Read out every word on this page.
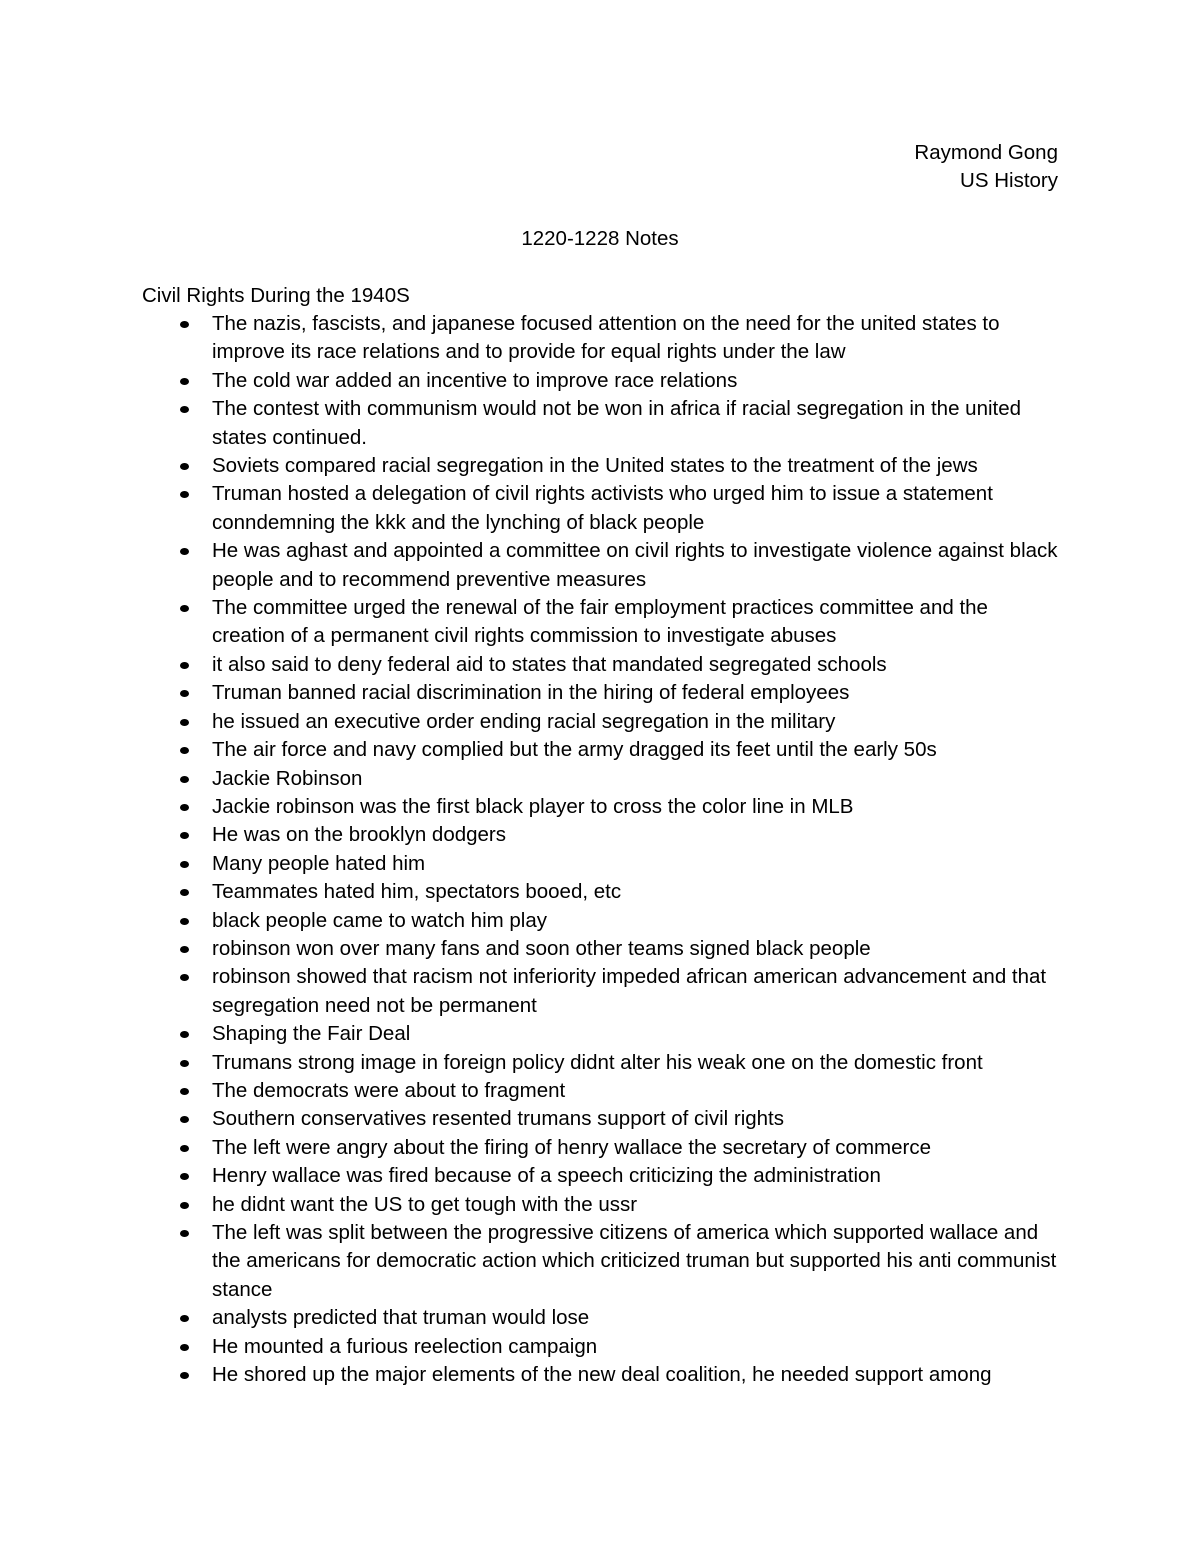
Raymond Gong
US History
1220-1228 Notes
Civil Rights During the 1940S
The nazis, fascists, and japanese focused attention on the need for the united states to improve its race relations and to provide for equal rights under the law
The cold war added an incentive to improve race relations
The contest with communism would not be won in africa if racial segregation in the united states continued.
Soviets compared racial segregation in the United states to the treatment of the jews
Truman hosted a delegation of civil rights activists who urged him to issue a statement conndemning the kkk and the lynching of black people
He was aghast and appointed a committee on civil rights to investigate violence against black people and to recommend preventive measures
The committee urged the renewal of the fair employment practices committee and the creation of a permanent civil rights commission to investigate abuses
it also said to deny federal aid to states that mandated segregated schools
Truman banned racial discrimination in the hiring of federal employees
he issued an executive order ending racial segregation in the military
The air force and navy complied but the army dragged its feet until the early 50s
Jackie Robinson
Jackie robinson was the first black player to cross the color line in MLB
He was on the brooklyn dodgers
Many people hated him
Teammates hated him, spectators booed, etc
black people came to watch him play
robinson won over many fans and soon other teams signed black people
robinson showed that racism not inferiority impeded african american advancement and that segregation need not be permanent
Shaping the Fair Deal
Trumans strong image in foreign policy didnt alter his weak one on the domestic front
The democrats were about to fragment
Southern conservatives resented trumans support of civil rights
The left were angry about the firing of henry wallace the secretary of commerce
Henry wallace was fired because of a speech criticizing the administration
he didnt want the US to get tough with the ussr
The left was split between the progressive citizens of america which supported wallace and the americans for democratic action which criticized truman but supported his anti communist stance
analysts predicted that truman would lose
He mounted a furious reelection campaign
He shored up the major elements of the new deal coalition, he needed support among
